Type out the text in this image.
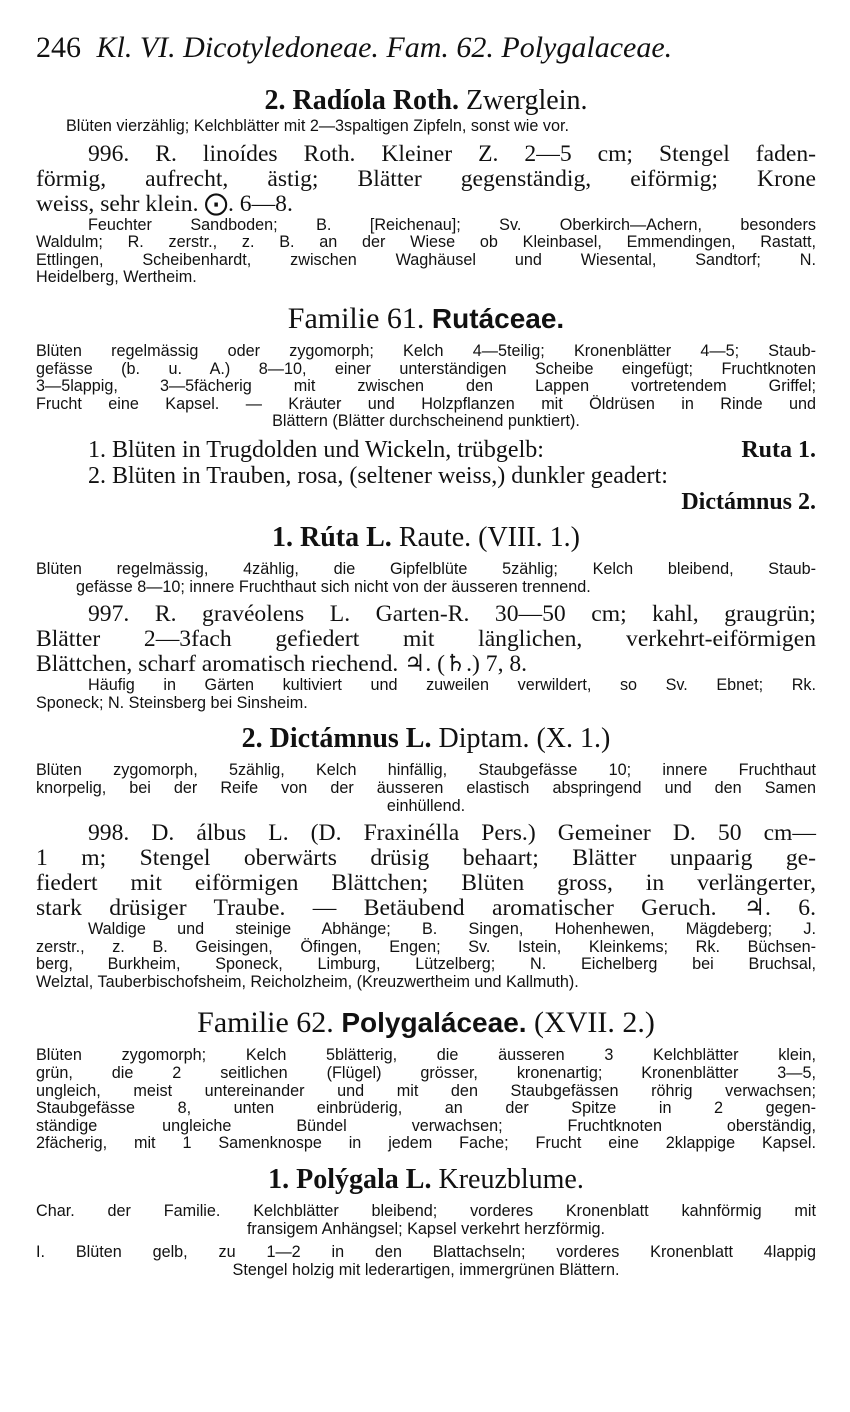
246 Kl. VI. Dicotyledoneae. Fam. 62. Polygalaceae.
2. Radíola Roth. Zwerglein.
Blüten vierzählig; Kelchblätter mit 2—3spaltigen Zipfeln, sonst wie vor.
996. R. linoídes Roth. Kleiner Z. 2—5 cm; Stengel faden-
förmig, aufrecht, ästig; Blätter gegenständig, eiförmig; Krone
weiss, sehr klein. ⨀. 6—8.
Feuchter Sandboden; B. [Reichenau]; Sv. Oberkirch—Achern, besonders
Waldulm; R. zerstr., z. B. an der Wiese ob Kleinbasel, Emmendingen, Rastatt,
Ettlingen, Scheibenhardt, zwischen Waghäusel und Wiesental, Sandtorf; N.
Heidelberg, Wertheim.
Familie 61. Rutáceae.
Blüten regelmässig oder zygomorph; Kelch 4—5teilig; Kronenblätter 4—5; Staub-
gefässe (b. u. A.) 8—10, einer unterständigen Scheibe eingefügt; Fruchtknoten
3—5lappig, 3—5fächerig mit zwischen den Lappen vortretendem Griffel;
Frucht eine Kapsel. — Kräuter und Holzpflanzen mit Öldrüsen in Rinde und
Blättern (Blätter durchscheinend punktiert).
1. Blüten in Trugdolden und Wickeln, trübgelb:	Ruta 1.
2. Blüten in Trauben, rosa, (seltener weiss,) dunkler geadert:
Dictámnus 2.
1. Rúta L. Raute. (VIII. 1.)
Blüten regelmässig, 4zählig, die Gipfelblüte 5zählig; Kelch bleibend, Staub-
gefässe 8—10; innere Fruchthaut sich nicht von der äusseren trennend.
997. R. gravéolens L. Garten-R. 30—50 cm; kahl, graugrün;
Blätter 2—3fach gefiedert mit länglichen, verkehrt-eiförmigen
Blättchen, scharf aromatisch riechend. ♃. (♄.) 7, 8.
Häufig in Gärten kultiviert und zuweilen verwildert, so Sv. Ebnet; Rk.
Sponeck; N. Steinsberg bei Sinsheim.
2. Dictámnus L. Diptam. (X. 1.)
Blüten zygomorph, 5zählig, Kelch hinfällig, Staubgefässe 10; innere Fruchthaut
knorpelig, bei der Reife von der äusseren elastisch abspringend und den Samen
einhüllend.
998. D. álbus L. (D. Fraxinélla Pers.) Gemeiner D. 50 cm—
1 m; Stengel oberwärts drüsig behaart; Blätter unpaarig ge-
fiedert mit eiförmigen Blättchen; Blüten gross, in verlängerter,
stark drüsiger Traube. — Betäubend aromatischer Geruch. ♃. 6.
Waldige und steinige Abhänge; B. Singen, Hohenhewen, Mägdeberg; J.
zerstr., z. B. Geisingen, Öfingen, Engen; Sv. Istein, Kleinkems; Rk. Büchsen-
berg, Burkheim, Sponeck, Limburg, Lützelberg; N. Eichelberg bei Bruchsal,
Welztal, Tauberbischofsheim, Reicholzheim, (Kreuzwertheim und Kallmuth).
Familie 62. Polygaláceae. (XVII. 2.)
Blüten zygomorph; Kelch 5blätterig, die äusseren 3 Kelchblätter klein,
grün, die 2 seitlichen (Flügel) grösser, kronenartig; Kronenblätter 3—5,
ungleich, meist untereinander und mit den Staubgefässen röhrig verwachsen;
Staubgefässe 8, unten einbrüderig, an der Spitze in 2 gegen-
ständige ungleiche Bündel verwachsen; Fruchtknoten oberständig,
2fächerig, mit 1 Samenknospe in jedem Fache; Frucht eine 2klappige Kapsel.
1. Polýgala L. Kreuzblume.
Char. der Familie. Kelchblätter bleibend; vorderes Kronenblatt kahnförmig mit
fransigem Anhängsel; Kapsel verkehrt herzförmig.
I. Blüten gelb, zu 1—2 in den Blattachseln; vorderes Kronenblatt 4lappig
Stengel holzig mit lederartigen, immergrünen Blättern.
